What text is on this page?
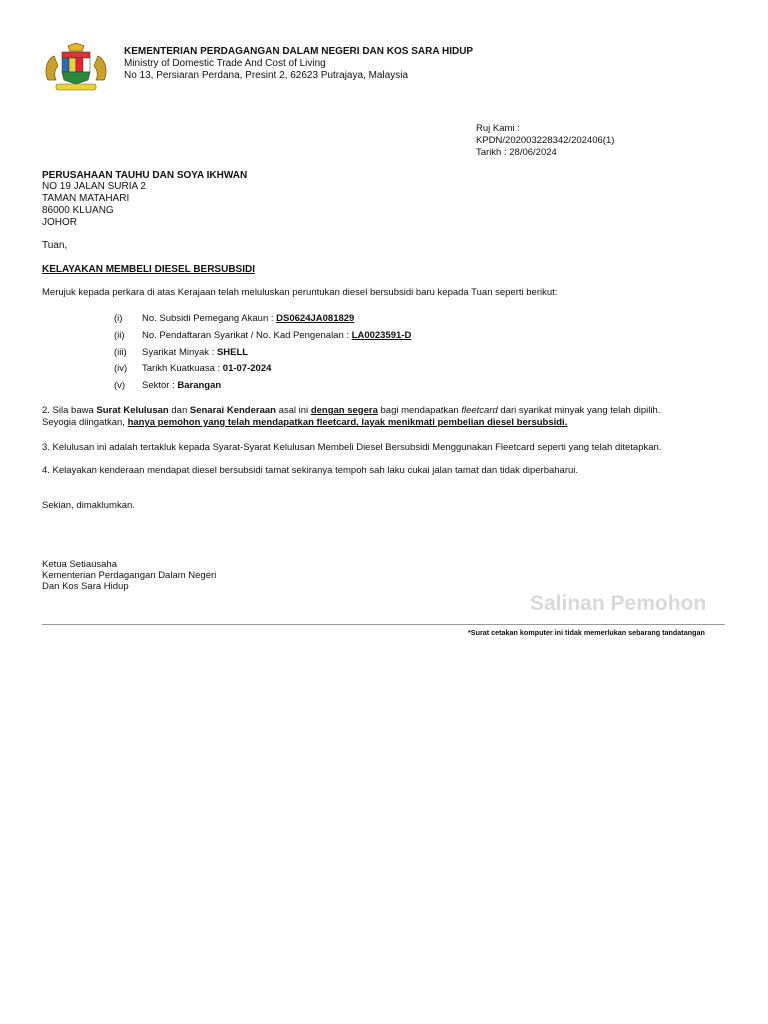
KEMENTERIAN PERDAGANGAN DALAM NEGERI DAN KOS SARA HIDUP
Ministry of Domestic Trade And Cost of Living
No 13, Persiaran Perdana, Presint 2, 62623 Putrajaya, Malaysia
Ruj Kami :
KPDN/202003228342/202406(1)
Tarikh : 28/06/2024
PERUSAHAAN TAUHU DAN SOYA IKHWAN
NO 19 JALAN SURIA 2
TAMAN MATAHARI
86000 KLUANG
JOHOR
Tuan,
KELAYAKAN MEMBELI DIESEL BERSUBSIDI
Merujuk kepada perkara di atas Kerajaan telah meluluskan peruntukan diesel bersubsidi baru kepada Tuan seperti berikut:
(i) No. Subsidi Pemegang Akaun : DS0624JA081829
(ii) No. Pendaftaran Syarikat / No. Kad Pengenalan : LA0023591-D
(iii) Syarikat Minyak : SHELL
(iv) Tarikh Kuatkuasa : 01-07-2024
(v) Sektor : Barangan
2. Sila bawa Surat Kelulusan dan Senarai Kenderaan asal ini dengan segera bagi mendapatkan fleetcard dari syarikat minyak yang telah dipilih.
Seyogia diingatkan, hanya pemohon yang telah mendapatkan fleetcard, layak menikmati pembelian diesel bersubsidi.
3. Kelulusan ini adalah tertakluk kepada Syarat-Syarat Kelulusan Membeli Diesel Bersubsidi Menggunakan Fleetcard seperti yang telah ditetapkan.
4. Kelayakan kenderaan mendapat diesel bersubsidi tamat sekiranya tempoh sah laku cukai jalan tamat dan tidak diperbaharui.
Sekian, dimaklumkan.
Ketua Setiausaha
Kementerian Perdagangan Dalam Negeri
Dan Kos Sara Hidup
Salinan Pemohon
*Surat cetakan komputer ini tidak memerlukan sebarang tandatangan
